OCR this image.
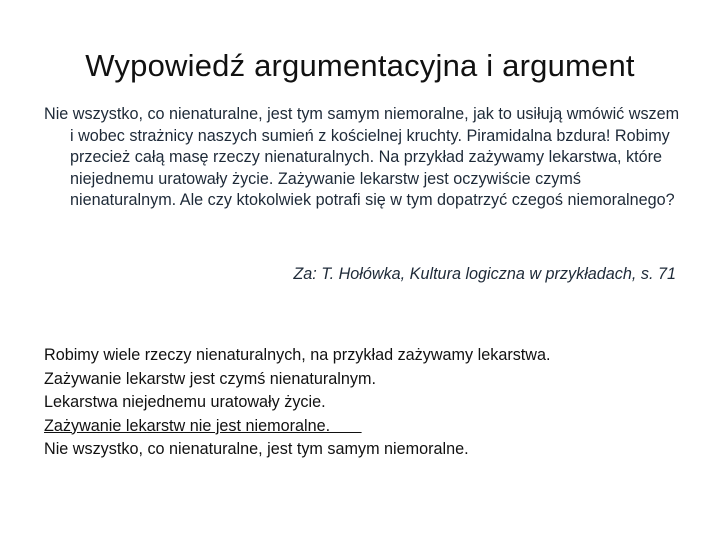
Wypowiedź argumentacyjna i argument
Nie wszystko, co nienaturalne, jest tym samym niemoralne, jak to usiłują wmówić wszem i wobec strażnicy naszych sumień z kościelnej kruchty. Piramidalna bzdura! Robimy przecież całą masę rzeczy nienaturalnych. Na przykład zażywamy lekarstwa, które niejednemu uratowały życie. Zażywanie lekarstw jest oczywiście czymś nienaturalnym. Ale czy ktokolwiek potrafi się w tym dopatrzyć czegoś niemoralnego?
Za: T. Hołówka, Kultura logiczna w przykładach, s. 71
Robimy wiele rzeczy nienaturalnych, na przykład zażywamy lekarstwa.
Zażywanie lekarstw jest czymś nienaturalnym.
Lekarstwa niejednemu uratowały życie.
Zażywanie lekarstw nie jest niemoralne.
Nie wszystko, co nienaturalne, jest tym samym niemoralne.
